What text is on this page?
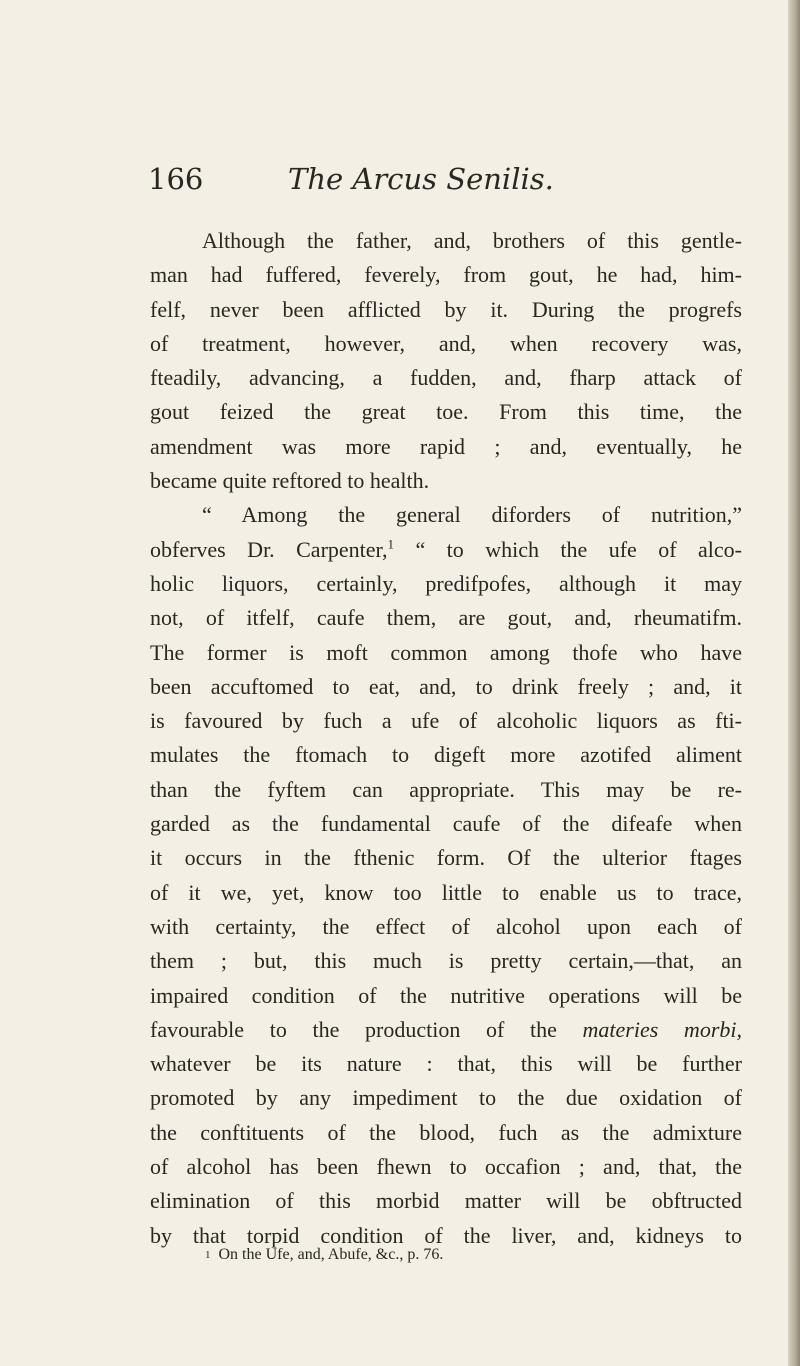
166	The Arcus Senilis.
Although the father, and, brothers of this gentle-
man had fuffered, feverely, from gout, he had, him-
felf, never been afflicted by it. During the progrefs
of treatment, however, and, when recovery was,
fteadily, advancing, a fudden, and, fharp attack of
gout feized the great toe. From this time, the
amendment was more rapid ; and, eventually, he
became quite reftored to health.
“ Among the general diforders of nutrition,”
obferves Dr. Carpenter,$^1$ “ to which the ufe of alco-
holic liquors, certainly, predifpofes, although it may
not, of itfelf, caufe them, are gout, and, rheumatifm.
The former is moft common among thofe who have
been accuftomed to eat, and, to drink freely ; and, it
is favoured by fuch a ufe of alcoholic liquors as fti-
mulates the ftomach to digeft more azotifed aliment
than the fyftem can appropriate. This may be re-
garded as the fundamental caufe of the difeafe when
it occurs in the fthenic form. Of the ulterior ftages
of it we, yet, know too little to enable us to trace,
with certainty, the effect of alcohol upon each of
them ; but, this much is pretty certain,—that, an
impaired condition of the nutritive operations will be
favourable to the production of the materies morbi,
whatever be its nature : that, this will be further
promoted by any impediment to the due oxidation of
the conftituents of the blood, fuch as the admixture
of alcohol has been fhewn to occafion ; and, that, the
elimination of this morbid matter will be obftructed
by that torpid condition of the liver, and, kidneys to
1 On the Ufe, and, Abufe, &c., p. 76.
